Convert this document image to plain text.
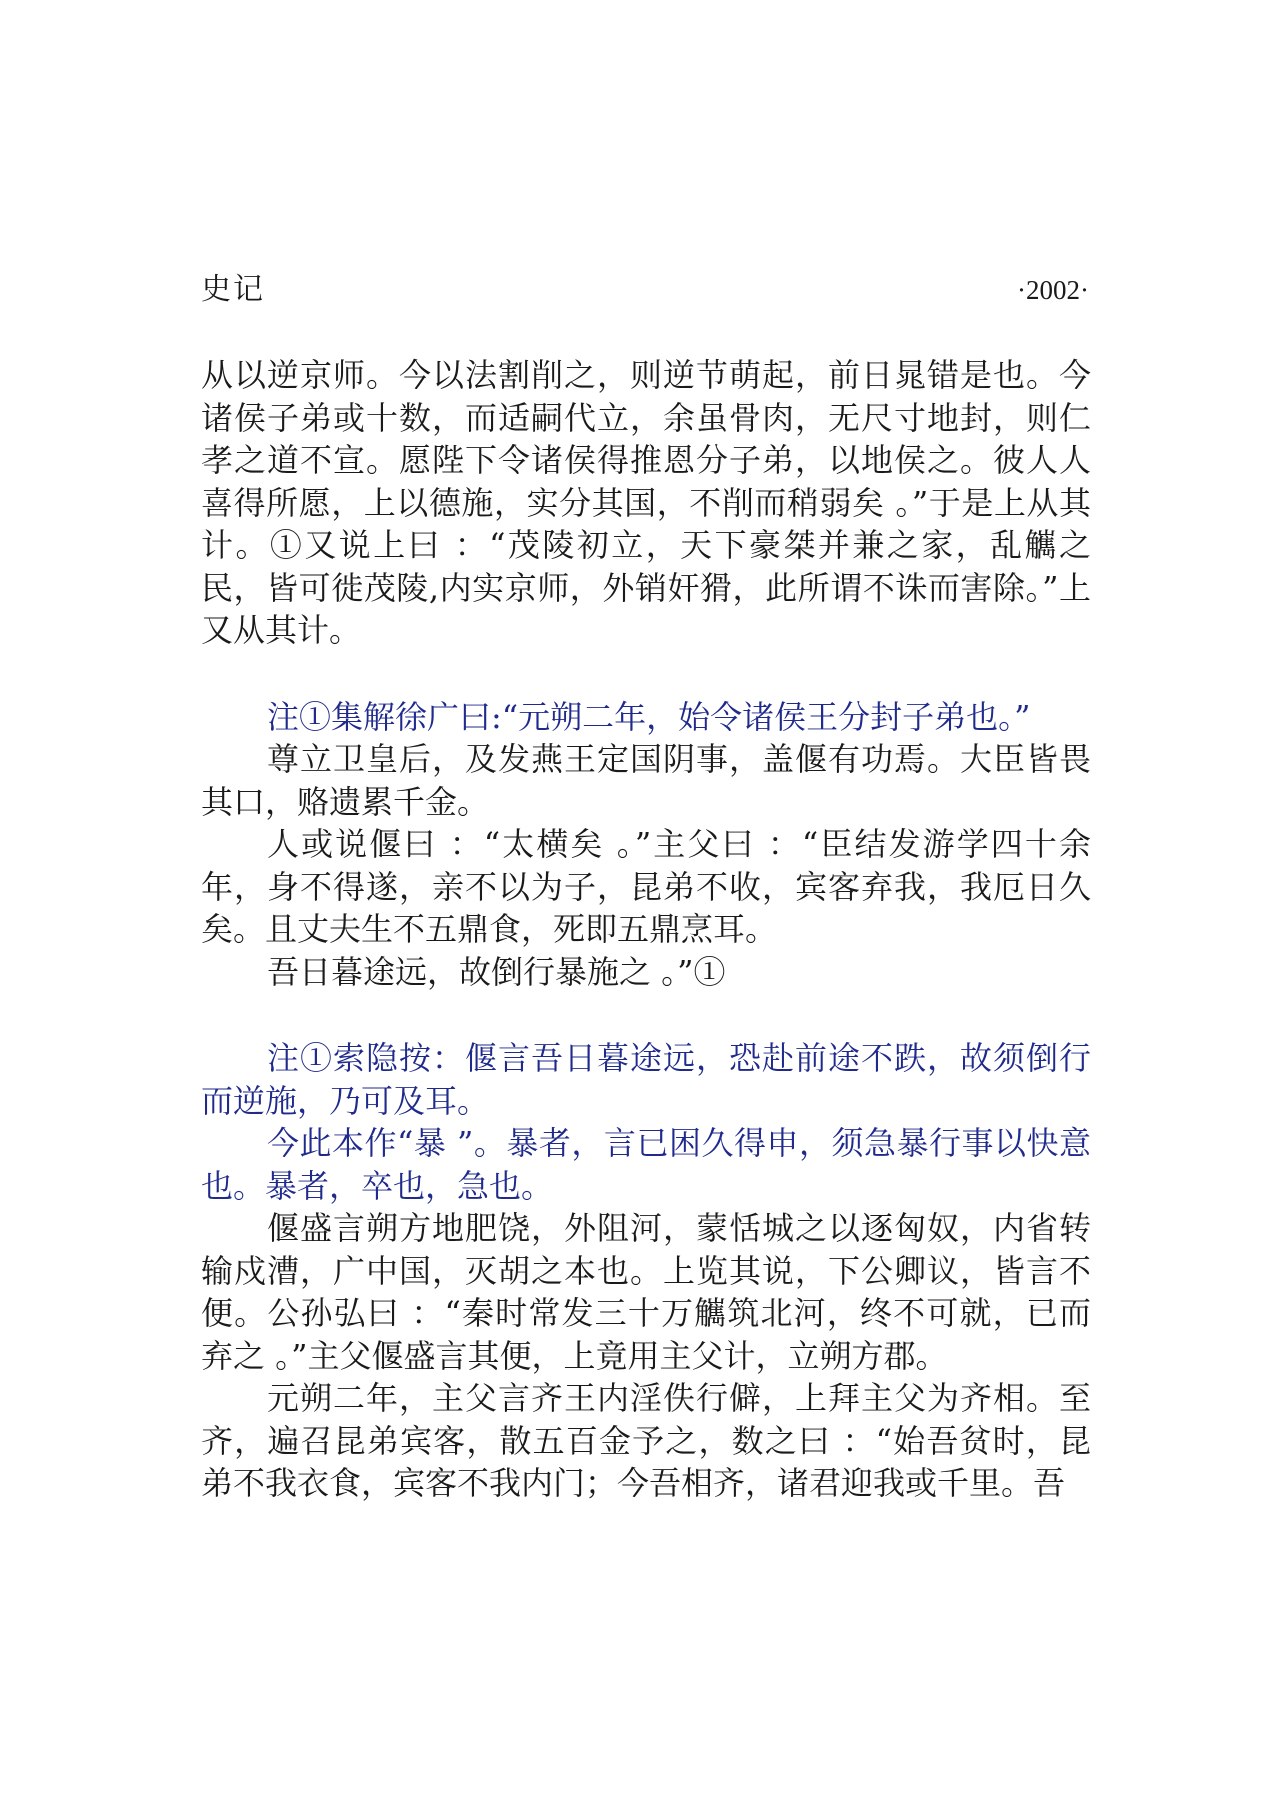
史记	·2002·

从以逆京师。今以法割削之，则逆节萌起，前日晁错是也。今诸侯子弟或十数，而适嗣代立，余虽骨肉，无尺寸地封，则仁孝之道不宣。愿陛下令诸侯得推恩分子弟，以地侯之。彼人人喜得所愿，上以德施，实分其国，不削而稍弱矣 。”于是上从其计。①又说上曰 ：“茂陵初立，天下豪桀并兼之家，乱觽之民，皆可徙茂陵,内实京师，外销奸猾，此所谓不诛而害除。”上又从其计。

注①集解徐广曰:“元朔二年，始令诸侯王分封子弟也。”

尊立卫皇后，及发燕王定国阴事，盖偃有功焉。大臣皆畏其口，赂遗累千金。

人或说偃曰 ：“太横矣 。”主父曰 ：“臣结发游学四十余年，身不得遂，亲不以为子，昆弟不收，宾客弃我，我厄日久矣。且丈夫生不五鼎食，死即五鼎烹耳。

吾日暮途远，故倒行暴施之 。”①

注①索隐按：偃言吾日暮途远，恐赴前途不跌，故须倒行而逆施，乃可及耳。

今此本作“暴 ”。暴者，言已困久得申，须急暴行事以快意也。暴者，卒也，急也。

偃盛言朔方地肥饶，外阻河，蒙恬城之以逐匈奴，内省转输戍漕，广中国，灭胡之本也。上览其说，下公卿议，皆言不便。公孙弘曰 ：“秦时常发三十万觽筑北河，终不可就，已而弃之 。”主父偃盛言其便，上竟用主父计，立朔方郡。

元朔二年，主父言齐王内淫佚行僻，上拜主父为齐相。至齐，遍召昆弟宾客，散五百金予之，数之曰 ：“始吾贫时，昆弟不我衣食，宾客不我内门；今吾相齐，诸君迎我或千里。吾
